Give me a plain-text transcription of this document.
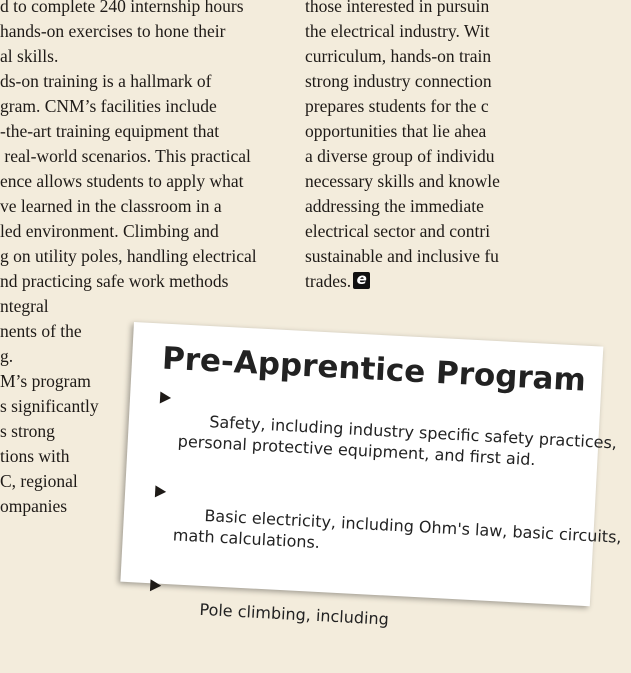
d to complete 240 internship hours
hands-on exercises to hone their
al skills.
ds-on training is a hallmark of
gram. CNM’s facilities include
-the-art training equipment that
real-world scenarios. This practical
ence allows students to apply what
ve learned in the classroom in a
led environment. Climbing and
g on utility poles, handling electrical
nd practicing safe work methods
ntegral
nents of the
g.
M’s program
s significantly
s strong
tions with
C, regional
ompanies
those interested in pursuin
the electrical industry. Wit
curriculum, hands-on train
strong industry connection
prepares students for the c
opportunities that lie ahea
a diverse group of individu
necessary skills and knowle
addressing the immediate
electrical sector and contri
sustainable and inclusive fu
trades. e
Pre-Apprentice Program

Safety, including industry specific safety practices,
personal protective equipment, and first aid.

Basic electricity, including Ohm's law, basic circuits,
math calculations.

Pole climbing, including
